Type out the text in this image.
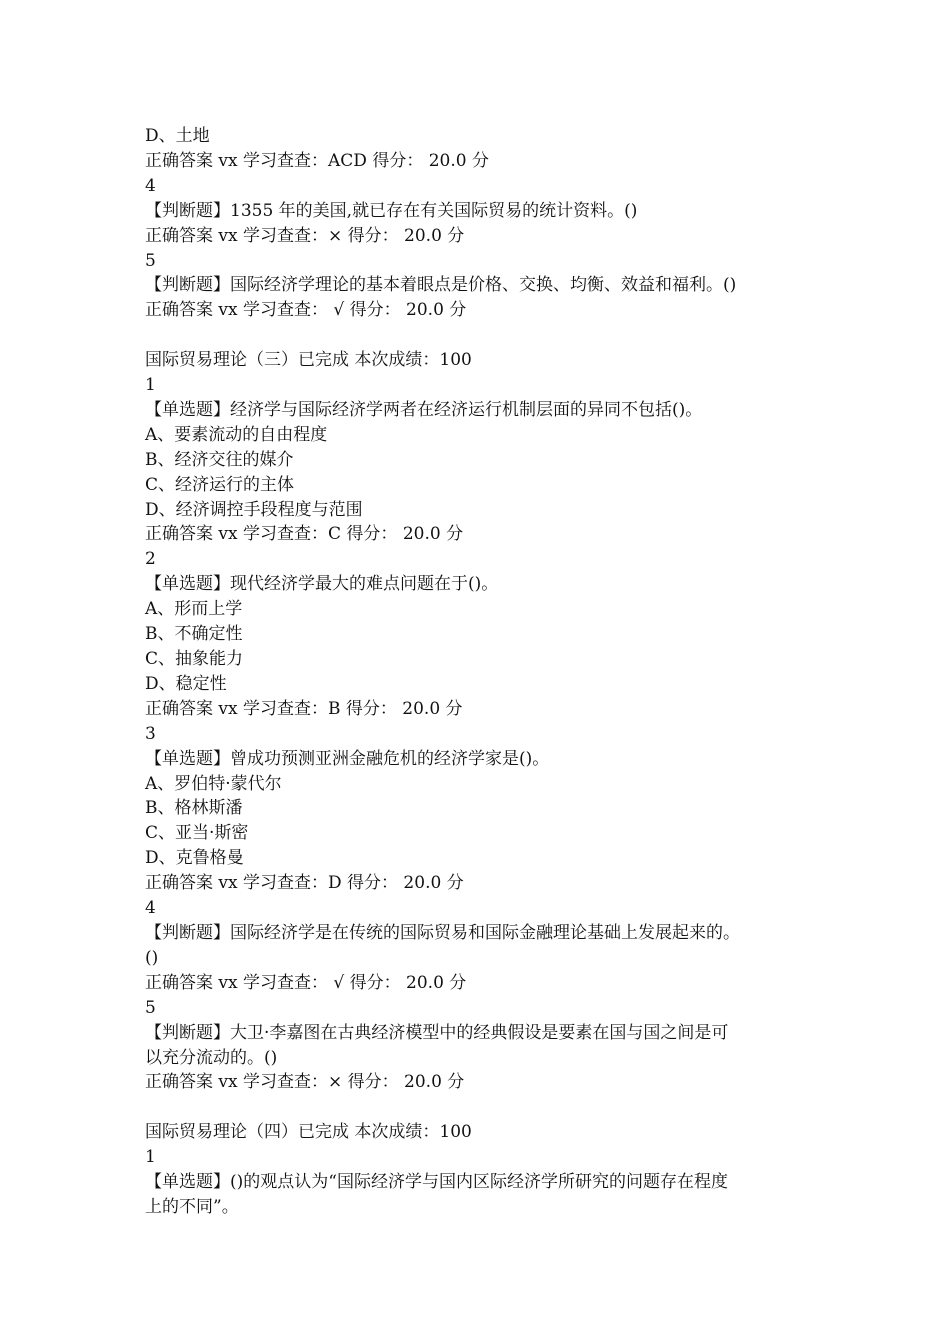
D、土地
正确答案 vx 学习查查：ACD 得分： 20.0 分
4
【判断题】1355 年的美国,就已存在有关国际贸易的统计资料。()
正确答案 vx 学习查查：× 得分： 20.0 分
5
【判断题】国际经济学理论的基本着眼点是价格、交换、均衡、效益和福利。()
正确答案 vx 学习查查： √ 得分： 20.0 分
国际贸易理论（三）已完成 本次成绩：100
1
【单选题】经济学与国际经济学两者在经济运行机制层面的异同不包括()。
A、要素流动的自由程度
B、经济交往的媒介
C、经济运行的主体
D、经济调控手段程度与范围
正确答案 vx 学习查查：C 得分： 20.0 分
2
【单选题】现代经济学最大的难点问题在于()。
A、形而上学
B、不确定性
C、抽象能力
D、稳定性
正确答案 vx 学习查查：B 得分： 20.0 分
3
【单选题】曾成功预测亚洲金融危机的经济学家是()。
A、罗伯特·蒙代尔
B、格林斯潘
C、亚当·斯密
D、克鲁格曼
正确答案 vx 学习查查：D 得分： 20.0 分
4
【判断题】国际经济学是在传统的国际贸易和国际金融理论基础上发展起来的。
()
正确答案 vx 学习查查： √ 得分： 20.0 分
5
【判断题】大卫·李嘉图在古典经济模型中的经典假设是要素在国与国之间是可
以充分流动的。()
正确答案 vx 学习查查：× 得分： 20.0 分
国际贸易理论（四）已完成 本次成绩：100
1
【单选题】()的观点认为“国际经济学与国内区际经济学所研究的问题存在程度
上的不同”。
